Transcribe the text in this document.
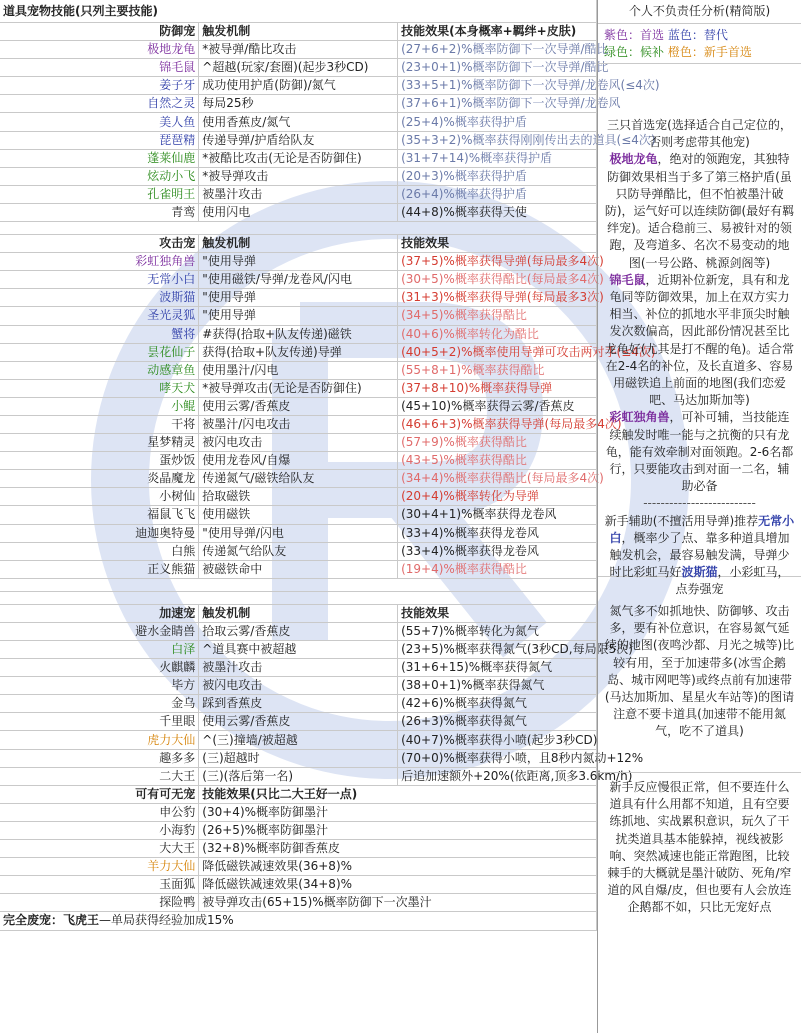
道具宠物技能(只列主要技能)		
防御宠	触发机制	技能效果(本身概率+羁绊+皮肤)
极地龙龟	*被导弹/酷比攻击	(27+6+2)%概率防御下一次导弹/酷比
锦毛鼠	^超越(玩家/套圈)(起步3秒CD)	(23+0+1)%概率防御下一次导弹/酷比
姜子牙	成功使用护盾(防御)/氮气	(33+5+1)%概率防御下一次导弹/龙卷风(≤4次)
自然之灵	每局25秒	(37+6+1)%概率防御下一次导弹/龙卷风
美人鱼	使用香蕉皮/氮气	(25+4)%概率获得护盾
琵琶精	传递导弹/护盾给队友	(35+3+2)%概率获得刚刚传出去的道具(≤4次)
蓬莱仙鹿	*被酷比攻击(无论是否防御住)	(31+7+14)%概率获得护盾
炫动小飞	*被导弹攻击	(20+3)%概率获得护盾
孔雀明王	被墨汁攻击	(26+4)%概率获得护盾
青鸾	使用闪电	(44+8)%概率获得天使

攻击宠	触发机制	技能效果
彩虹独角兽	"使用导弹	(37+5)%概率获得导弹(每局最多4次)
无常小白	"使用磁铁/导弹/龙卷风/闪电	(30+5)%概率获得酷比(每局最多4次)
波斯猫	"使用导弹	(31+3)%概率获得导弹(每局最多3次)
圣光灵狐	"使用导弹	(34+5)%概率获得酷比
蟹将	#获得(拾取+队友传递)磁铁	(40+6)%概率转化为酷比
昙花仙子	获得(拾取+队友传递)导弹	(40+5+2)%概率使用导弹可攻击两对手(≤4次)
动感章鱼	使用墨汁/闪电	(55+8+1)%概率获得酷比
哮天犬	*被导弹攻击(无论是否防御住)	(37+8+10)%概率获得导弹
小鲲	使用云雾/香蕉皮	(45+10)%概率获得云雾/香蕉皮
干将	被墨汁/闪电攻击	(46+6+3)%概率获得导弹(每局最多4次)
星梦精灵	被闪电攻击	(57+9)%概率获得酷比
蛋炒饭	使用龙卷风/自爆	(43+5)%概率获得酷比
炎晶魔龙	传递氮气/磁铁给队友	(34+4)%概率获得酷比(每局最多4次)
小树仙	拾取磁铁	(20+4)%概率转化为导弹
福鼠飞飞	使用磁铁	(30+4+1)%概率获得龙卷风
迪迦奥特曼	"使用导弹/闪电	(33+4)%概率获得龙卷风
白熊	传递氮气给队友	(33+4)%概率获得龙卷风
正义熊猫	被磁铁命中	(19+4)%概率获得酷比

加速宠	触发机制	技能效果
避水金睛兽	拾取云雾/香蕉皮	(55+7)%概率转化为氮气
白泽	^道具赛中被超越	(23+5)%概率获得氮气(3秒CD,每局限5次)
火麒麟	被墨汁攻击	(31+6+15)%概率获得氮气
毕方	被闪电攻击	(38+0+1)%概率获得氮气
金乌	踩到香蕉皮	(42+6)%概率获得氮气
千里眼	使用云雾/香蕉皮	(26+3)%概率获得氮气
虎力大仙	^(三)撞墙/被超越	(40+7)%概率获得小喷(起步3秒CD)
趣多多	(三)超越时	(70+0)%概率获得小喷，且8秒内氮动+12%
二大王	(三)(落后第一名)	后追加速额外+20%(依距离,顶多3.6km/h)
可有可无宠	技能效果(只比二大王好一点)	
申公豹	(30+4)%概率防御墨汁	
小海豹	(26+5)%概率防御墨汁	
大大王	(32+8)%概率防御香蕉皮	
羊力大仙	降低磁铁减速效果(36+8)%	
玉面狐	降低磁铁减速效果(34+8)%	
探险鸭	被导弹攻击(65+15)%概率防御下一次墨汁	
完全废宠：飞虎王—单局获得经验加成15%		
个人不负责任分析(精简版)
紫色：首选 蓝色：替代
绿色：候补 橙色：新手首选
三只首选宠(选择适合自己定位的，否则考虑带其他宠)
极地龙龟，绝对的领跑宠，其独特防御效果相当于多了第三格护盾(虽只防导弹酷比，但不怕被墨汁破防)，运气好可以连续防御(最好有羁绊宠)。适合稳前三、易被针对的领跑，及弯道多、名次不易变动的地图(一号公路、桃源剑阁等)
锦毛鼠，近期补位新宠，具有和龙龟同等防御效果，加上在双方实力相当、补位的抓地水平非顶尖时触发次数偏高，因此部份情况甚至比龙龟好(尤其是打不醒的龟)。适合常在2-4名的补位，及长直道多、容易用磁铁追上前面的地图(我们恋爱吧、马达加斯加等)
彩虹独角兽，可补可辅，当技能连续触发时唯一能与之抗衡的只有龙龟，能有效牵制对面领跑。2-6名都行，只要能攻击到对面一二名，辅助必备
--------------------------
新手辅助(不擅活用导弹)推荐无常小白，概率少了点、靠多种道具增加触发机会，最容易触发满，导弹少时比彩虹马好波斯猫，小彩虹马，点券强宠
氮气多不如抓地快、防御够、攻击多，要有补位意识，在容易氮气延续的地图(夜鸣沙都、月光之城等)比较有用，至于加速带多(冰雪企鹅岛、城市网吧等)或终点前有加速带(马达加斯加、星星火车站等)的图请注意不要卡道具(加速带不能用氮气，吃不了道具)
新手反应慢很正常，但不要连什么道具有什么用都不知道，且有空要练抓地、实战累积意识，玩久了干扰类道具基本能躲掉，视线被影响、突然减速也能正常跑图，比较棘手的大概就是墨汁破防、死角/窄道的风自爆/皮，但也要有人会放连企鹅都不如，只比无宠好点
